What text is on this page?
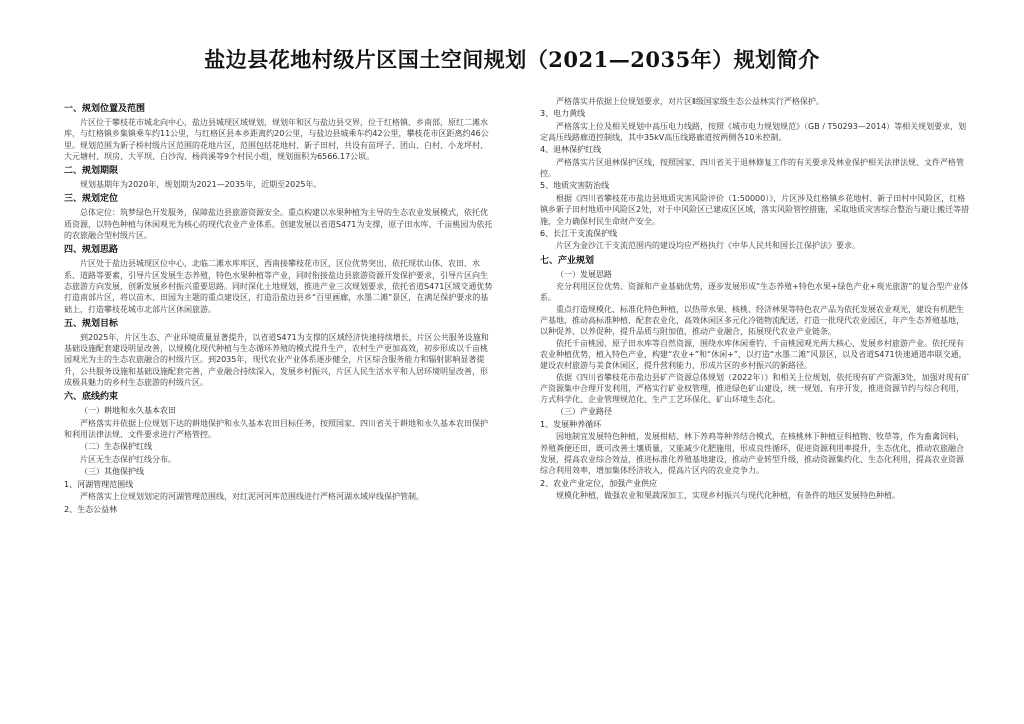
盐边县花地村级片区国土空间规划（2021—2035年）规划简介
一、规划位置及范围

片区位于攀枝花市城北向中心，盐边县城现区域规划，规划年和区与盐边县交界，位于红格镇、乡南部，原红二滩水库，与红格镇乡集镇乘车约11公里，与红格区县本乡距离约20公里，与盐边县城乘车约42公里，攀枝花市区距离约46公里。规划范围为新子桥村级片区范围的花地片区，范围包括花地村、新子田村，共设有苗坪子、团山、白村、小龙坪村、大元塘村、坝房、大平坝、白沙沟、杨尚溪等9个村民小组，规划面积为6566.17公顷。

二、规划期限

规划基期年为2020年，规划期为2021—2035年，近期至2025年。

三、规划定位

总体定位：筑梦绿色开发服务，保障盐边县旅游资源安全。重点构建以水果种植为主导的生态农业发展模式，依托优质资源，以特色种植与休闲观光为核心的现代农业产业体系。创建发展以省道S471为支撑，原子田水库、千亩桃园为依托的农旅融合型村级片区。

四、规划思路

片区处于盐边县城现区位中心，北临二滩水库库区，西南接攀枝花市区，区位优势突出，依托现状山体、农田、水系、道路等要素，引导片区发展生态养殖，特色水果种植等产业，同时衔接盐边县旅游资源开发保护要求，引导片区向生态旅游方向发展，创新发展乡村振兴重要思路。同时深化土地规划，推进产业三次规划要求，依托省道S471区域交通优势打造南部片区，将以苗木、田园为主题的重点建设区，打造沿盐边县乡“百里画廊，水墨二滩”景区，在满足保护要求的基础上，打造攀枝花城市北部片区休闲旅游。

五、规划目标

到2025年，片区生态、产业环境质量显著提升，以省道S471为支撑的区域经济快速持续增长，片区公共服务设施和基础设施配套建设明显改善，以规模化现代种植与生态循环养殖的模式提升生产，农村生产更加高效，初步形成以千亩桃园观光为主的生态农旅融合的村级片区。到2035年，现代农业产业体系逐步健全，片区综合服务能力和辐射影响显著提升，公共服务设施和基础设施配套完善，产业融合持续深入，发展乡村振兴，片区人民生活水平和人居环境明显改善，形成极具魅力的乡村生态旅游的村级片区。

六、底线约束
（一）耕地和永久基本农田

严格落实并依据上位规划下达的耕地保护和永久基本农田目标任务，按照国家、四川省关于耕地和永久基本农田保护和利用法律法规、文件要求进行严格管控。

（二）生态保护红线

片区无生态保护红线分布。

（三）其他保护线
1、河湖管理范围线

严格落实上位规划划定的河湖管理范围线，对红泥河河库范围线进行严格河湖水域岸线保护管制。

2、生态公益林

严格落实并依据上位规划要求，对片区Ⅱ级国家级生态公益林实行严格保护。

3、电力黄线

严格落实上位及相关规划中高压电力线路，按照《城市电力规划规范》（GB / T50293—2014）等相关规划要求，划定高压线路廊道控制线，其中35kV高压线路廊道按两侧各10米控制。

4、退林保护红线

严格落实片区退林保护区线，按照国家、四川省关于退林修复工作的有关要求及林业保护相关法律法规、文件严格管控。

5、地质灾害防治线

根据《四川省攀枝花市盐边县地质灾害风险评价（1:50000）》，片区涉及红格镇乡花地村、新子田村中风险区，红格镇乡新子田村地质中风险区2处，对于中风险区已建成区区域，落实风险管控措施，采取地质灾害综合整治与避让搬迁等措施，全力确保村民生命财产安全。

6、长江干支流保护线

片区为金沙江干支流范围内的建设均应严格执行《中华人民共和国长江保护法》要求。

七、产业规划
（一）发展思路

充分利用区位优势、资源和产业基础优势，逐步发展形成“生态养殖+特色水果+绿色产业+观光旅游”的复合型产业体系。

重点打造规模化、标准化特色种植，以热带水果、核桃、经济林果等特色农产品为依托发展农业观光，建设有机肥生产基地，推动高标准种植、配套农业化，高效休闲区多元化冷链物流配送，打造一批现代农业园区，年产生态养殖基地，以种促养、以养促种，提升品质与附加值，推动产业融合，拓展现代农业产业链条。

依托千亩桃园、原子田水库等自然资源，围绕水库休闲垂钓、千亩桃园观光两大核心，发展乡村旅游产业。依托现有农业种植优势，植入特色产业，构建“农业+”和“休闲+”，以打造“水墨二滩”风景区，以及省道S471快速通道串联交通，建设农村旅游与美食休闲区，提升营利能力，形成片区的乡村振兴的新路径。

依据《四川省攀枝花市盐边县矿产资源总体规划（2022年）》和相关上位规划，依托现有矿产资源3处，加强对现有矿产资源集中合理开发利用，严格实行矿业权管理，推进绿色矿山建设，统一规划、有序开发，推进资源节约与综合利用，方式科学化、企业管理规范化、生产工艺环保化、矿山环境生态化。

（三）产业路径
1、发展种养循环

因地制宜发展特色种植，发展柑桔、林下养鸡等种养结合模式，在核桃林下种植豆科植物、牧草等，作为畜禽饲料，养殖粪便还田，既可改善土壤质量，又能减少化肥施用，形成良性循环，促进资源利用率提升，生态优化，推动农旅融合发展，提高农业综合效益，推进标准化养殖基地建设，推动产业转型升级，推动资源集约化、生态化利用，提高农业资源综合利用效率，增加集体经济收入，提高片区内的农业竞争力。

2、农业产业定位，加强产业供应

规模化种植，做强农业和果蔬深加工，实现乡村振兴与现代化种植，有条件的地区发展特色种植。
